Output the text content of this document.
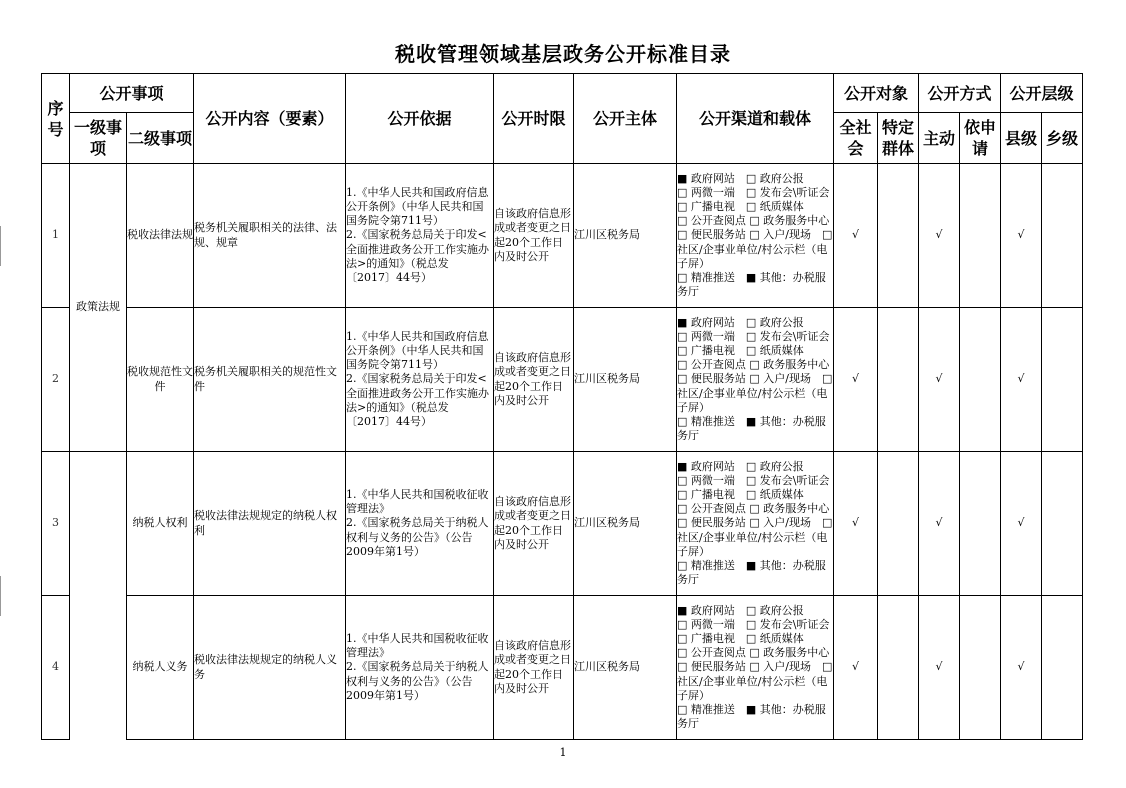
税收管理领域基层政务公开标准目录
序号	公开事项		公开内容（要素）	公开依据	公开时限	公开主体	公开渠道和载体	公开对象		公开方式		公开层级	
	一级事项	二级事项						全社会	特定群体	主动	依申请	县级	乡级
1	政策法规	税收法律法规	税务机关履职相关的法律、法规、规章	1.《中华人民共和国政府信息公开条例》（中华人民共和国国务院令第711号）
2.《国家税务总局关于印发<全面推进政务公开工作实施办法>的通知》（税总发〔2017〕44号）	自该政府信息形成或者变更之日起20个工作日内及时公开	江川区税务局	■ 政府网站　□ 政府公报
□ 两微一端　□ 发布会\听证会
□ 广播电视　□ 纸质媒体
□ 公开查阅点 □ 政务服务中心 □ 便民服务站 □ 入户/现场　□ 社区/企事业单位/村公示栏（电子屏）
□ 精准推送　■ 其他：办税服务厅	√		√		√	
2		税收规范性文件	税务机关履职相关的规范性文件	1.《中华人民共和国政府信息公开条例》（中华人民共和国国务院令第711号）
2.《国家税务总局关于印发<全面推进政务公开工作实施办法>的通知》（税总发〔2017〕44号）	自该政府信息形成或者变更之日起20个工作日内及时公开	江川区税务局	■ 政府网站　□ 政府公报
□ 两微一端　□ 发布会\听证会
□ 广播电视　□ 纸质媒体
□ 公开查阅点 □ 政务服务中心 □ 便民服务站 □ 入户/现场　□ 社区/企事业单位/村公示栏（电子屏）
□ 精准推送　■ 其他：办税服务厅	√		√		√	
3		纳税人权利	税收法律法规规定的纳税人权利	1.《中华人民共和国税收征收管理法》
2.《国家税务总局关于纳税人权利与义务的公告》（公告2009年第1号）	自该政府信息形成或者变更之日起20个工作日内及时公开	江川区税务局	■ 政府网站　□ 政府公报
□ 两微一端　□ 发布会\听证会
□ 广播电视　□ 纸质媒体
□ 公开查阅点 □ 政务服务中心 □ 便民服务站 □ 入户/现场　□ 社区/企事业单位/村公示栏（电子屏）
□ 精准推送　■ 其他：办税服务厅	√		√		√	
4		纳税人义务	税收法律法规规定的纳税人义务	1.《中华人民共和国税收征收管理法》
2.《国家税务总局关于纳税人权利与义务的公告》（公告2009年第1号）	自该政府信息形成或者变更之日起20个工作日内及时公开	江川区税务局	■ 政府网站　□ 政府公报
□ 两微一端　□ 发布会\听证会
□ 广播电视　□ 纸质媒体
□ 公开查阅点 □ 政务服务中心 □ 便民服务站 □ 入户/现场　□ 社区/企事业单位/村公示栏（电子屏）
□ 精准推送　■ 其他：办税服务厅	√		√		√	
1
